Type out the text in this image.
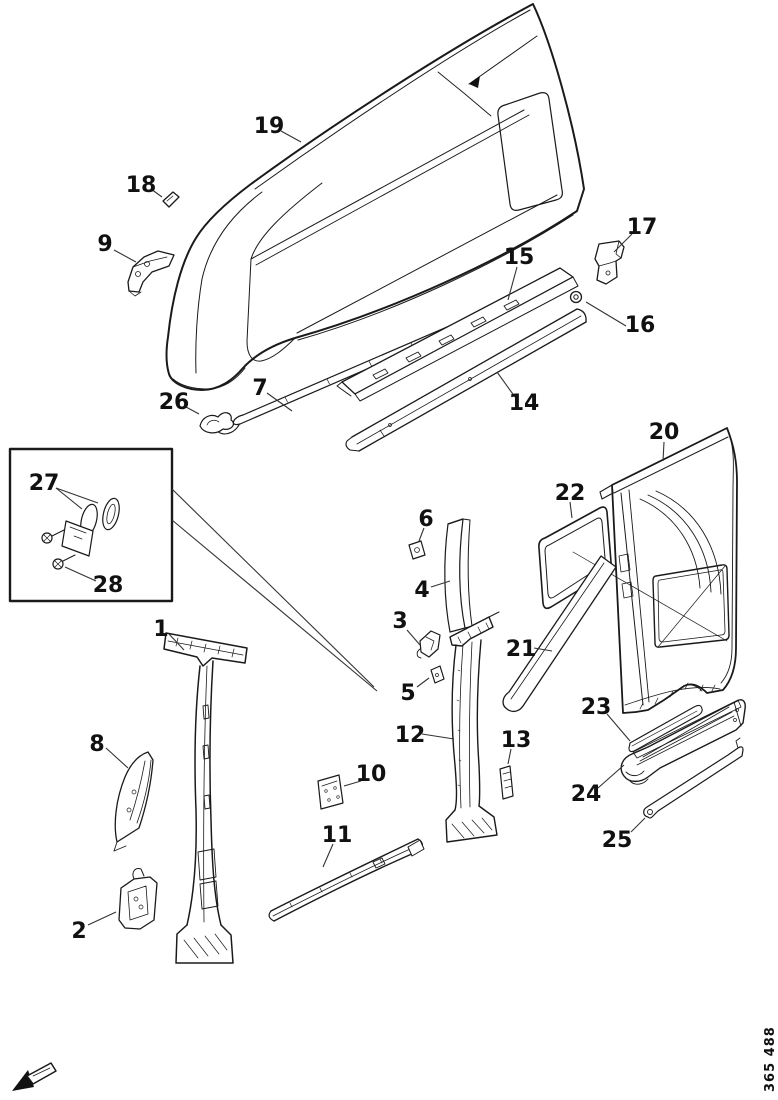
1
2
3
4
5
6
7
8
9
10
11
12	13
14
15
16
17
18
19
20
21
22
23
24
25
26
27
28
365 488
